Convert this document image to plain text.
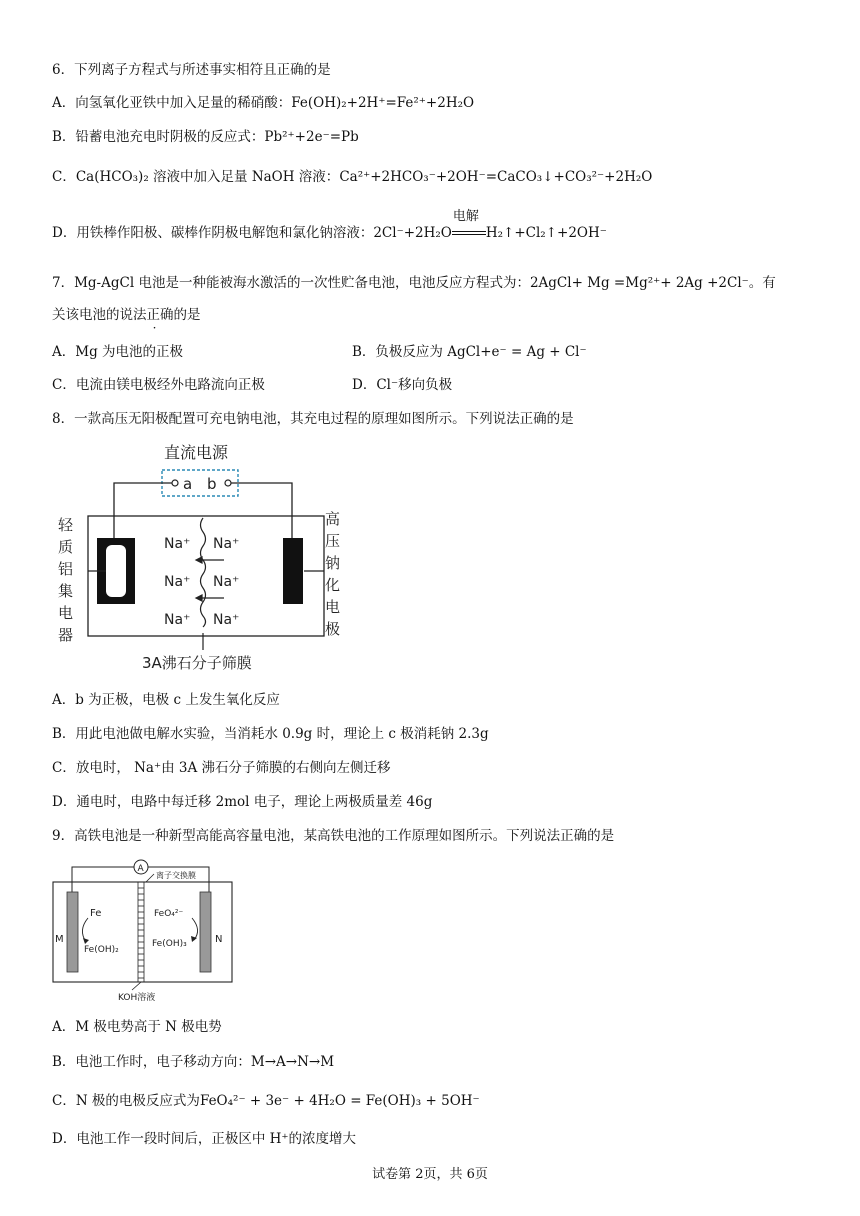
6．下列离子方程式与所述事实相符且正确的是
A．向氢氧化亚铁中加入足量的稀硝酸：Fe(OH)₂+2H⁺=Fe²⁺+2H₂O
B．铅蓄电池充电时阴极的反应式：Pb²⁺+2e⁻=Pb
C．Ca(HCO₃)₂ 溶液中加入足量 NaOH 溶液：Ca²⁺+2HCO₃⁻+2OH⁻=CaCO₃↓+CO₃²⁻+2H₂O
D．用铁棒作阳极、碳棒作阴极电解饱和氯化钠溶液：2Cl⁻+2H₂O
电解
H₂↑+Cl₂↑+2OH⁻
7．Mg-AgCl 电池是一种能被海水激活的一次性贮备电池，电池反应方程式为：2AgCl+ Mg =Mg²⁺+ 2Ag +2Cl⁻。有
关该电池的说法正确的是
A．Mg 为电池的正极	B．负极反应为 AgCl+e⁻ = Ag + Cl⁻
C．电流由镁电极经外电路流向正极	D．Cl⁻移向负极
8．一款高压无阳极配置可充电钠电池，其充电过程的原理如图所示。下列说法正确的是
直流电源
a b
Na⁺ Na⁺
Na⁺ Na⁺
Na⁺ Na⁺
轻
质
铝
集
电
器
高
压
钠
化
电
极
3A沸石分子筛膜
A．b 为正极，电极 c 上发生氧化反应
B．用此电池做电解水实验，当消耗水 0.9g 时，理论上 c 极消耗钠 2.3g
C．放电时， Na⁺由 3A 沸石分子筛膜的右侧向左侧迁移
D．通电时，电路中每迁移 2mol 电子，理论上两极质量差 46g
9．高铁电池是一种新型高能高容量电池，某高铁电池的工作原理如图所示。下列说法正确的是
A
离子交换膜
M	N
Fe
Fe(OH)₂
FeO₄²⁻
Fe(OH)₃
KOH溶液
A．M 极电势高于 N 极电势
B．电池工作时，电子移动方向：M→A→N→M
C．N 极的电极反应式为FeO₄²⁻ + 3e⁻ + 4H₂O = Fe(OH)₃ + 5OH⁻
D．电池工作一段时间后，正极区中 H⁺的浓度增大
试卷第 2页，共 6页
